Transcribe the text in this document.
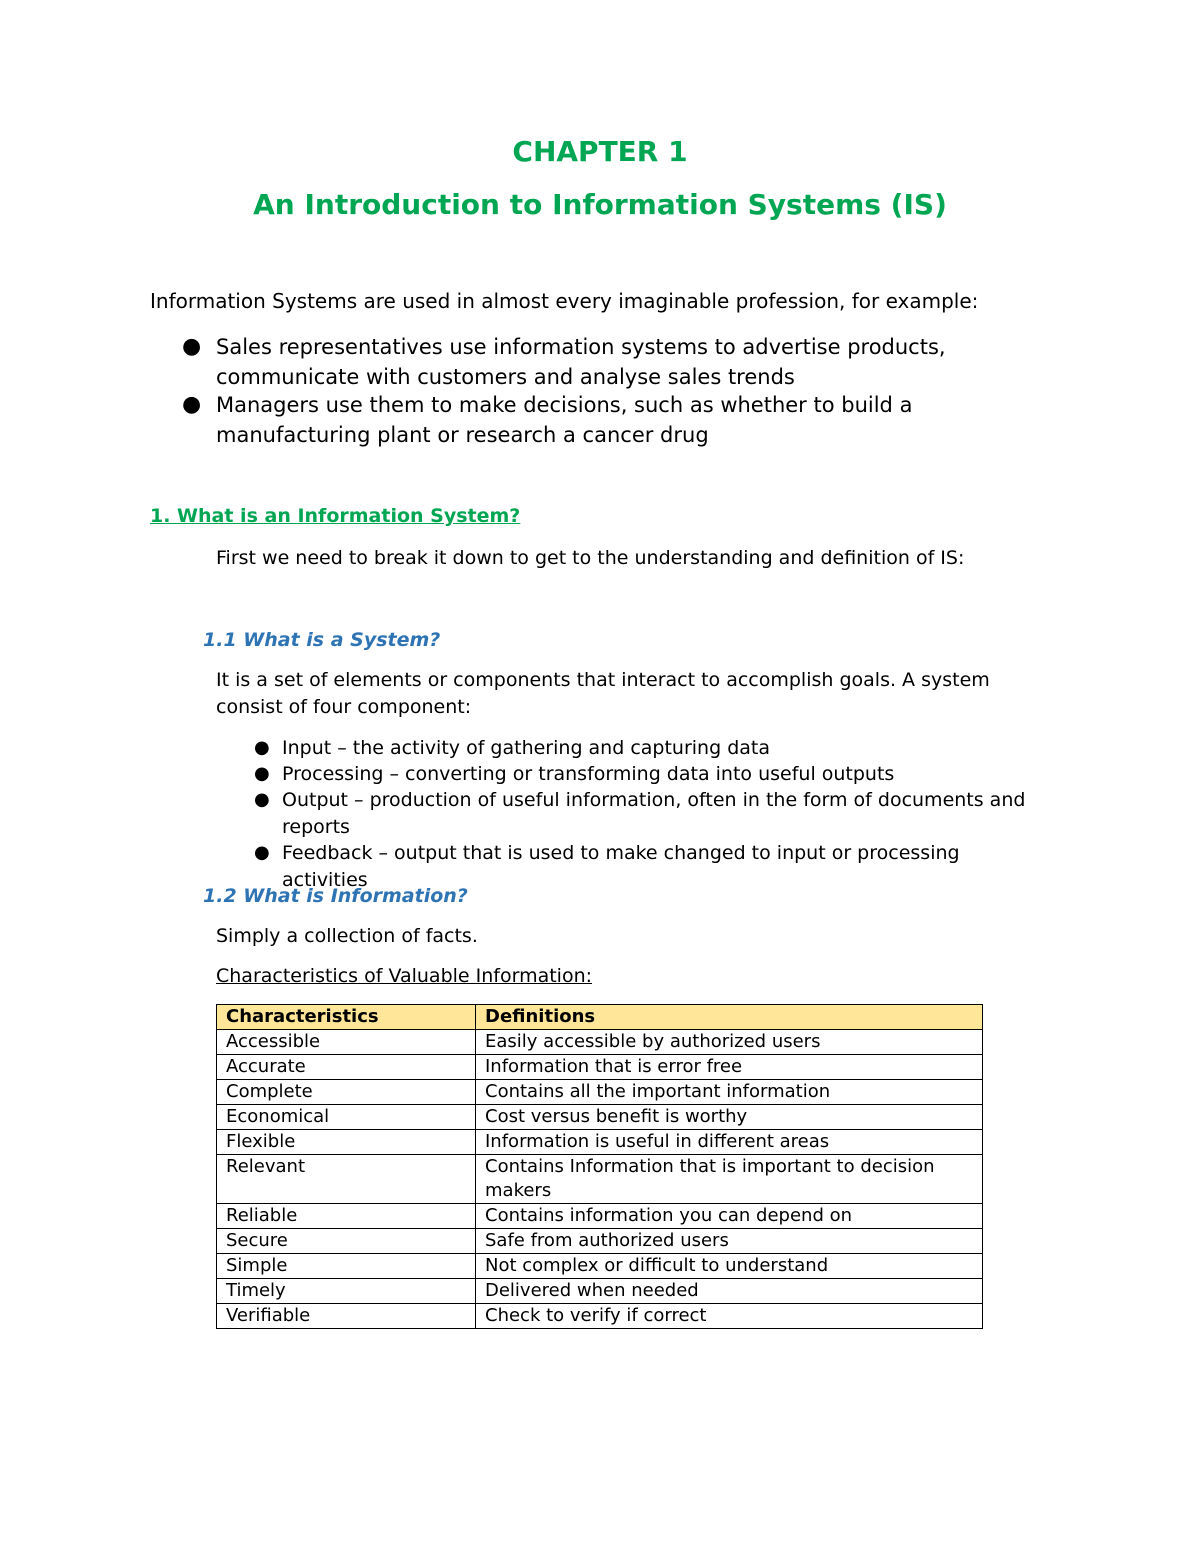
CHAPTER 1
An Introduction to Information Systems (IS)
Information Systems are used in almost every imaginable profession, for example:
● Sales representatives use information systems to advertise products, communicate with customers and analyse sales trends
● Managers use them to make decisions, such as whether to build a manufacturing plant or research a cancer drug
1. What is an Information System?
First we need to break it down to get to the understanding and definition of IS:
1.1 What is a System?
It is a set of elements or components that interact to accomplish goals. A system consist of four component:
● Input – the activity of gathering and capturing data
● Processing – converting or transforming data into useful outputs
● Output – production of useful information, often in the form of documents and reports
● Feedback – output that is used to make changed to input or processing activities
1.2 What is Information?
Simply a collection of facts.
Characteristics of Valuable Information:
Characteristics	Definitions
Accessible	Easily accessible by authorized users
Accurate	Information that is error free
Complete	Contains all the important information
Economical	Cost versus benefit is worthy
Flexible	Information is useful in different areas
Relevant	Contains Information that is important to decision makers
Reliable	Contains information you can depend on
Secure	Safe from authorized users
Simple	Not complex or difficult to understand
Timely	Delivered when needed
Verifiable	Check to verify if correct
